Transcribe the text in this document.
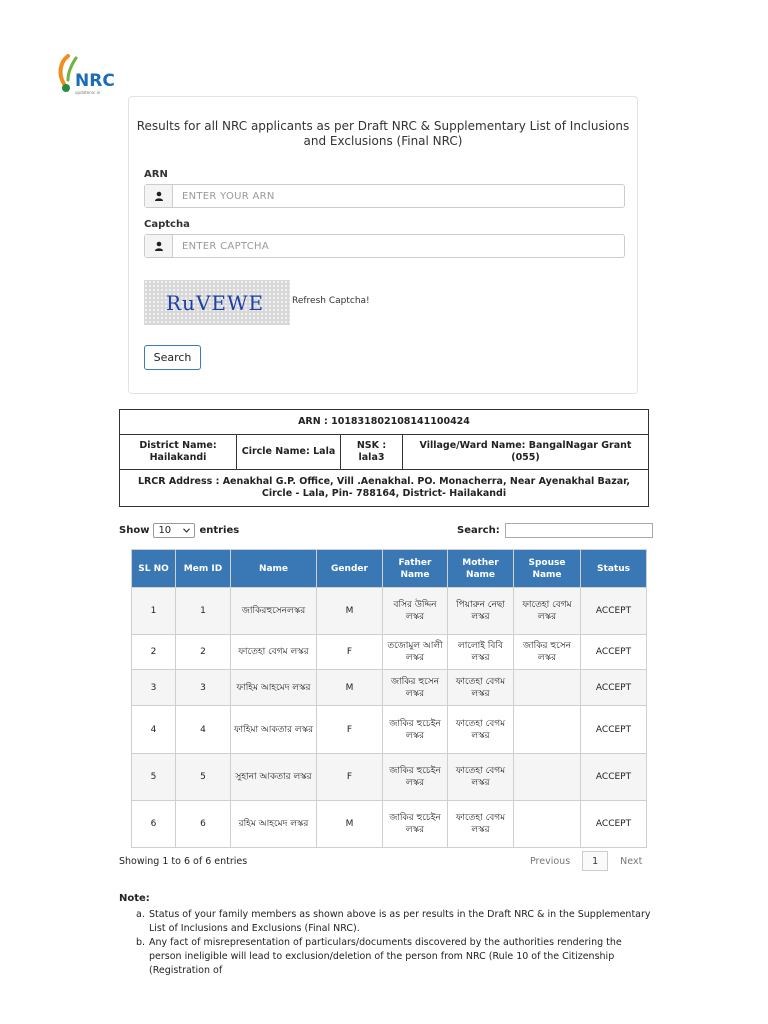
NRC
updatenrc.in
Results for all NRC applicants as per Draft NRC & Supplementary List of Inclusions
and Exclusions (Final NRC)
ARN
ENTER YOUR ARN
Captcha
ENTER CAPTCHA
RuVEWE	Refresh Captcha!
Search
ARN : 101831802108141100424
District Name: Hailakandi	Circle Name: Lala	NSK : lala3	Village/Ward Name: BangalNagar Grant (055)
LRCR Address : Aenakhal G.P. Office, Vill .Aenakhal. PO. Monacherra, Near Ayenakhal Bazar, Circle - Lala, Pin- 788164, District- Hailakandi
Show 10	entries	Search:
SL NO	Mem ID	Name	Gender	Father Name	Mother Name	Spouse Name	Status
1	1	জাকিরহুসেনলস্কর	M	বসির উদ্দিন লস্কর	পিয়ারুন নেছা লস্কর	ফাতেহা বেগম লস্কর	ACCEPT
2	2	ফাতেহা বেগম লস্কর	F	তজোমুল আলী লস্কর	লালোই বিবি লস্কর	জাকির হুসেন লস্কর	ACCEPT
3	3	ফাহিম আহমেদ লস্কর	M	জাকির হুসেন লস্কর	ফাতেহা বেগম লস্কর		ACCEPT
4	4	ফাহিমা আকতার লস্কর	F	জাকির হুচেইন লস্কর	ফাতেহা বেগম লস্কর		ACCEPT
5	5	সুহানা আকতার লস্কর	F	জাকির হুচেইন লস্কর	ফাতেহা বেগম লস্কর		ACCEPT
6	6	রহিম আহমেদ লস্কর	M	জাকির হুচেইন লস্কর	ফাতেহা বেগম লস্কর		ACCEPT
Showing 1 to 6 of 6 entries	Previous	1	Next
Note:
a. Status of your family members as shown above is as per results in the Draft NRC & in the Supplementary List of Inclusions and Exclusions (Final NRC).
b. Any fact of misrepresentation of particulars/documents discovered by the authorities rendering the person ineligible will lead to exclusion/deletion of the person from NRC (Rule 10 of the Citizenship (Registration of
